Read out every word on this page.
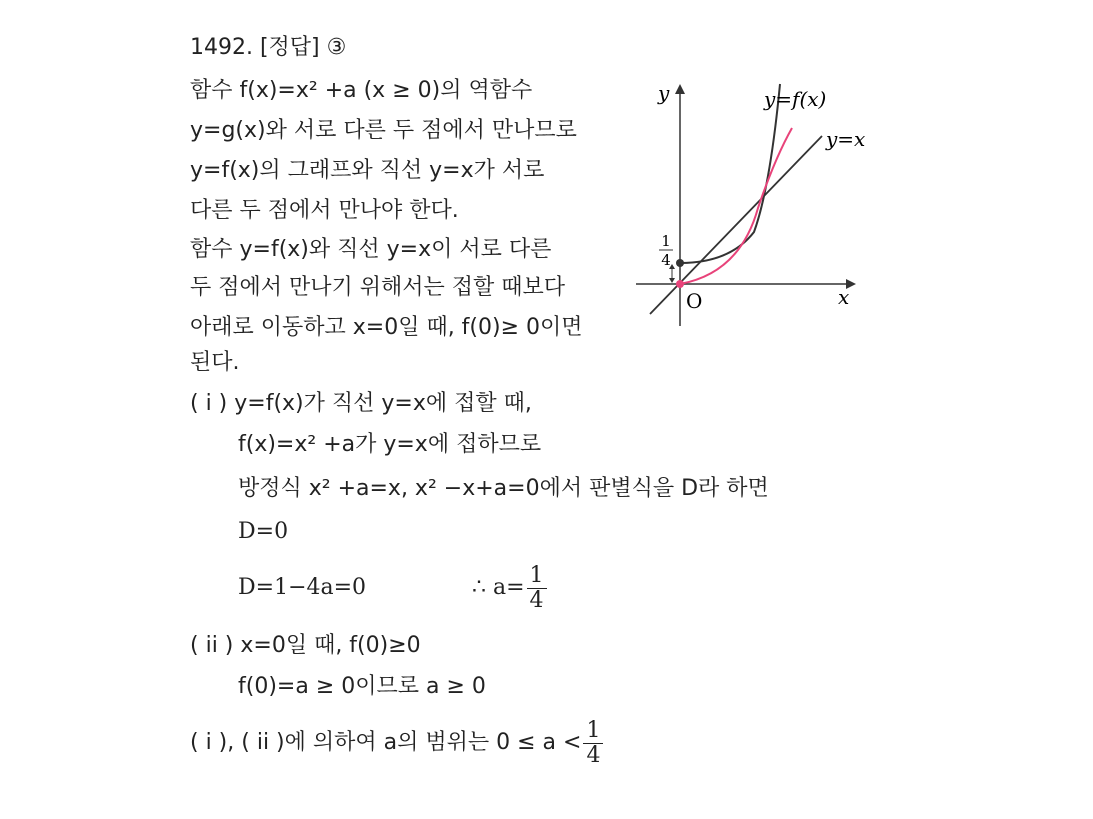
1492. [정답] ③
함수 f(x)=x² +a (x ≥ 0)의 역함수
y=g(x)와 서로 다른 두 점에서 만나므로
y=f(x)의 그래프와 직선 y=x가 서로
다른 두 점에서 만나야 한다.
함수 y=f(x)와 직선 y=x이 서로 다른
두 점에서 만나기 위해서는 접할 때보다
아래로 이동하고 x=0일 때, f(0)≥ 0이면
된다.
( i ) y=f(x)가 직선 y=x에 접할 때,
f(x)=x² +a가 y=x에 접하므로
방정식 x² +a=x, x² −x+a=0에서 판별식을 D라 하면
D=0
D=1−4a=0	∴ $a= \frac{1}{4}$
( ii ) x=0일 때, f(0)≥0
f(0)=a ≥ 0이므로 a ≥ 0
( i ), ( ii )에 의하여 a의 범위는 $0 \le a < \frac{1}{4}$
1
4
y
x
O
y=f(x)
y=x
